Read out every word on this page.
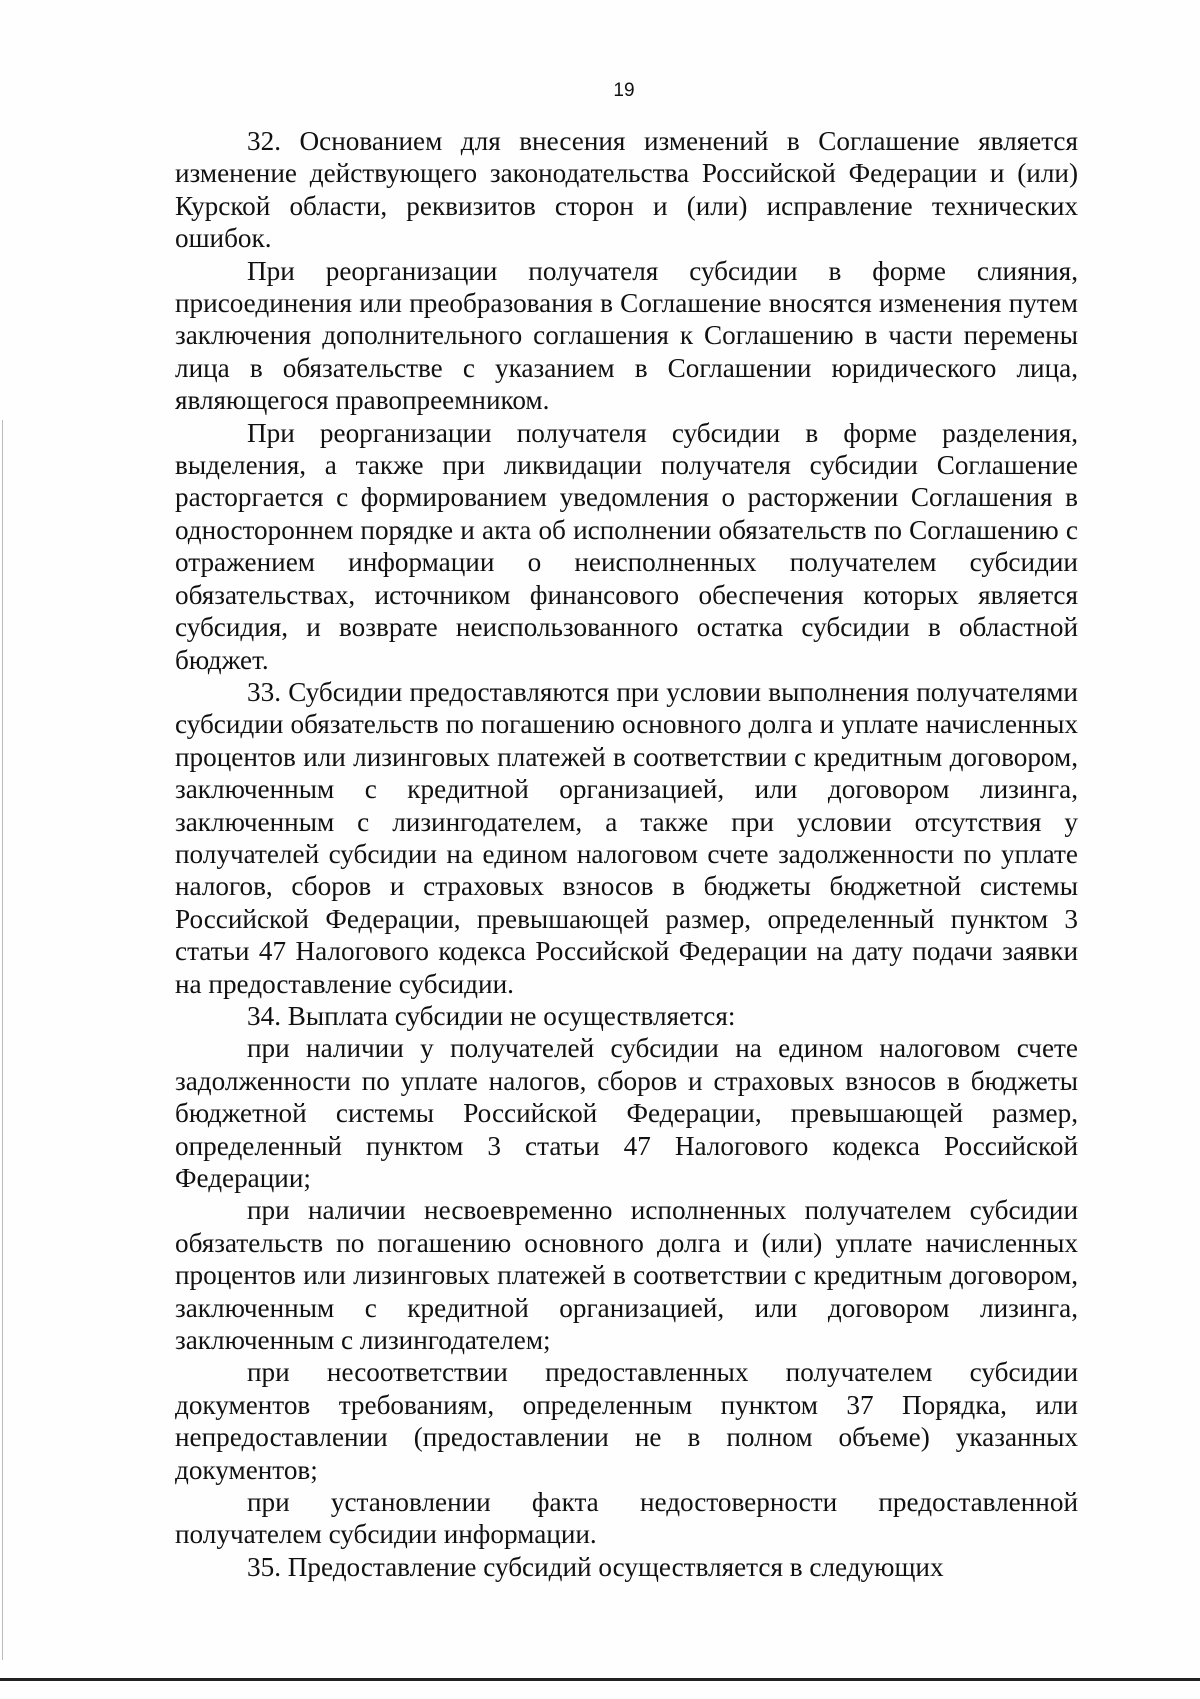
19

32. Основанием для внесения изменений в Соглашение является изменение действующего законодательства Российской Федерации и (или) Курской области, реквизитов сторон и (или) исправление технических ошибок.

При реорганизации получателя субсидии в форме слияния, присоединения или преобразования в Соглашение вносятся изменения путем заключения дополнительного соглашения к Соглашению в части перемены лица в обязательстве с указанием в Соглашении юридического лица, являющегося правопреемником.

При реорганизации получателя субсидии в форме разделения, выделения, а также при ликвидации получателя субсидии Соглашение расторгается с формированием уведомления о расторжении Соглашения в одностороннем порядке и акта об исполнении обязательств по Соглашению с отражением информации о неисполненных получателем субсидии обязательствах, источником финансового обеспечения которых является субсидия, и возврате неиспользованного остатка субсидии в областной бюджет.

33. Субсидии предоставляются при условии выполнения получателями субсидии обязательств по погашению основного долга и уплате начисленных процентов или лизинговых платежей в соответствии с кредитным договором, заключенным с кредитной организацией, или договором лизинга, заключенным с лизингодателем, а также при условии отсутствия у получателей субсидии на едином налоговом счете задолженности по уплате налогов, сборов и страховых взносов в бюджеты бюджетной системы Российской Федерации, превышающей размер, определенный пунктом 3 статьи 47 Налогового кодекса Российской Федерации на дату подачи заявки на предоставление субсидии.

34. Выплата субсидии не осуществляется:

при наличии у получателей субсидии на едином налоговом счете задолженности по уплате налогов, сборов и страховых взносов в бюджеты бюджетной системы Российской Федерации, превышающей размер, определенный пунктом 3 статьи 47 Налогового кодекса Российской Федерации;

при наличии несвоевременно исполненных получателем субсидии обязательств по погашению основного долга и (или) уплате начисленных процентов или лизинговых платежей в соответствии с кредитным договором, заключенным с кредитной организацией, или договором лизинга, заключенным с лизингодателем;

при несоответствии предоставленных получателем субсидии документов требованиям, определенным пунктом 37 Порядка, или непредоставлении (предоставлении не в полном объеме) указанных документов;

при установлении факта недостоверности предоставленной получателем субсидии информации.

35. Предоставление субсидий осуществляется в следующих
